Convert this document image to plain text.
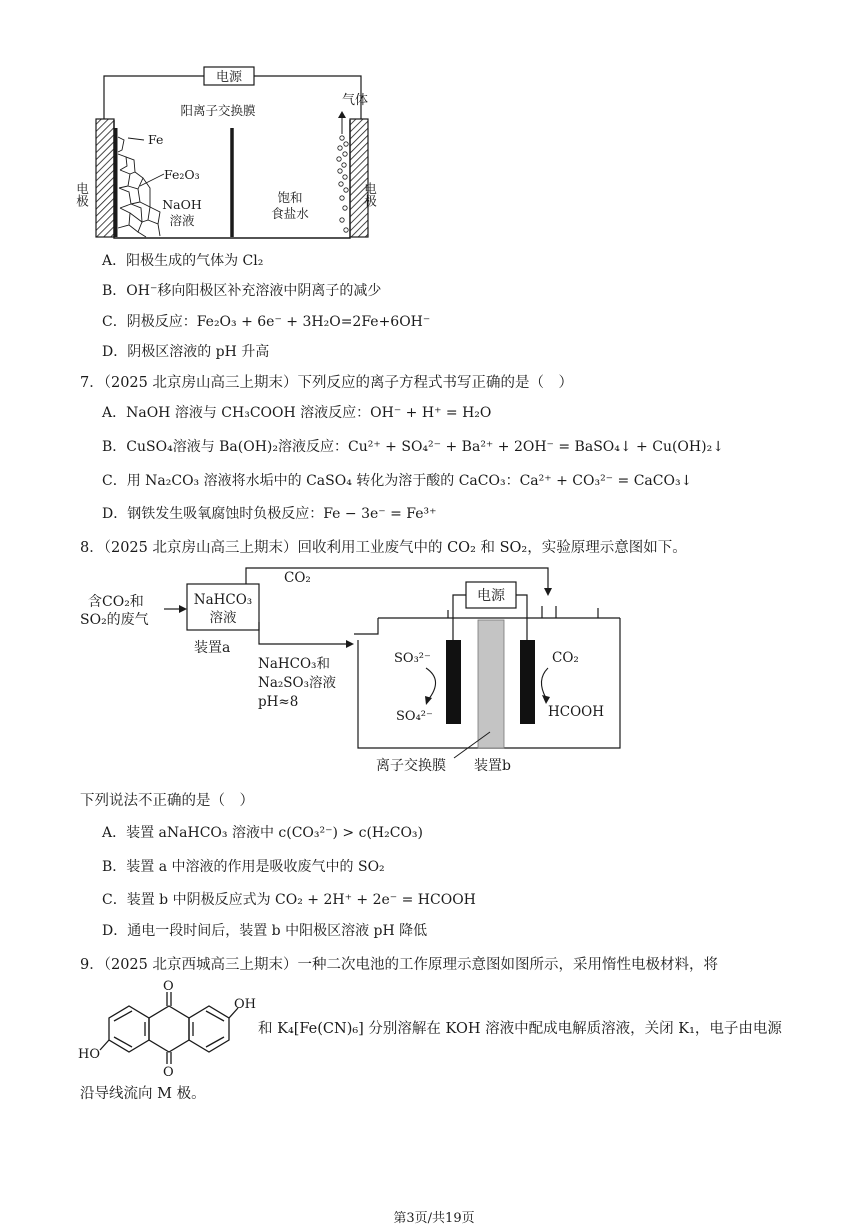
电源
阳离子交换膜
气体
Fe
Fe₂O₃
NaOH
溶液
饱和
食盐水
电极	电极
A．阳极生成的气体为 Cl₂
B．OH⁻移向阳极区补充溶液中阴离子的减少
C．阴极反应：Fe₂O₃ + 6e⁻ + 3H₂O=2Fe+6OH⁻
D．阴极区溶液的 pH 升高
7．（2025 北京房山高三上期末）下列反应的离子方程式书写正确的是（　）
A．NaOH 溶液与 CH₃COOH 溶液反应：OH⁻ + H⁺ = H₂O
B．CuSO₄溶液与 Ba(OH)₂溶液反应：Cu²⁺ + SO₄²⁻ + Ba²⁺ + 2OH⁻ = BaSO₄↓ + Cu(OH)₂↓
C．用 Na₂CO₃ 溶液将水垢中的 CaSO₄ 转化为溶于酸的 CaCO₃：Ca²⁺ + CO₃²⁻ = CaCO₃↓
D．钢铁发生吸氧腐蚀时负极反应：Fe − 3e⁻ = Fe³⁺
8．（2025 北京房山高三上期末）回收利用工业废气中的 CO₂ 和 SO₂，实验原理示意图如下。
含CO₂和
SO₂的废气
NaHCO₃
溶液
装置a
CO₂
NaHCO₃和
Na₂SO₃溶液
pH≈8
电源
SO₃²⁻
SO₄²⁻
CO₂
HCOOH
离子交换膜 装置b
下列说法不正确的是（　）
A．装置 aNaHCO₃ 溶液中 c(CO₃²⁻) > c(H₂CO₃)
B．装置 a 中溶液的作用是吸收废气中的 SO₂
C．装置 b 中阴极反应式为 CO₂ + 2H⁺ + 2e⁻ = HCOOH
D．通电一段时间后，装置 b 中阳极区溶液 pH 降低
9．（2025 北京西城高三上期末）一种二次电池的工作原理示意图如图所示，采用惰性电极材料，将
O
O
OH
HO
和 K₄[Fe(CN)₆] 分别溶解在 KOH 溶液中配成电解质溶液，关闭 K₁，电子由电源
沿导线流向 M 极。
第3页/共19页
